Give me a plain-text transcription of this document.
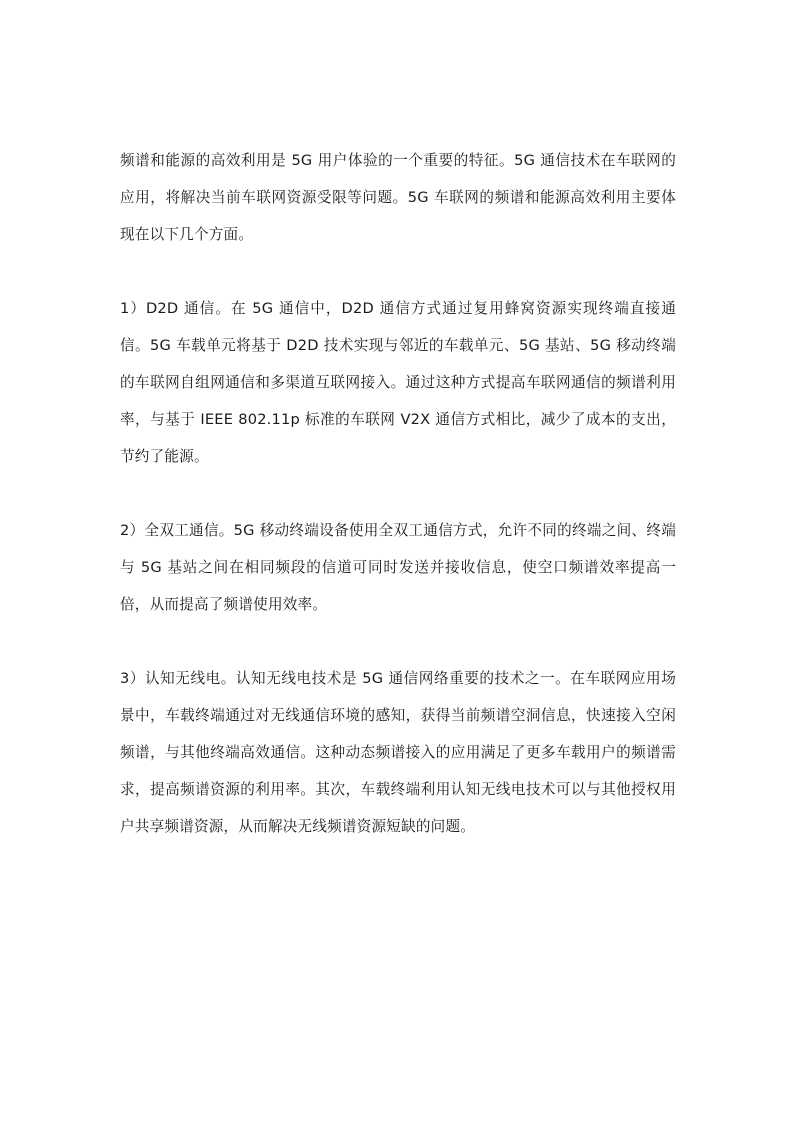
频谱和能源的高效利用是 5G 用户体验的一个重要的特征。5G 通信技术在车联网的应用，将解决当前车联网资源受限等问题。5G 车联网的频谱和能源高效利用主要体现在以下几个方面。

1）D2D 通信。在 5G 通信中，D2D 通信方式通过复用蜂窝资源实现终端直接通信。5G 车载单元将基于 D2D 技术实现与邻近的车载单元、5G 基站、5G 移动终端的车联网自组网通信和多渠道互联网接入。通过这种方式提高车联网通信的频谱利用率，与基于 IEEE 802.11p 标准的车联网 V2X 通信方式相比，减少了成本的支出，节约了能源。

2）全双工通信。5G 移动终端设备使用全双工通信方式，允许不同的终端之间、终端与 5G 基站之间在相同频段的信道可同时发送并接收信息，使空口频谱效率提高一倍，从而提高了频谱使用效率。

3）认知无线电。认知无线电技术是 5G 通信网络重要的技术之一。在车联网应用场景中，车载终端通过对无线通信环境的感知，获得当前频谱空洞信息，快速接入空闲频谱，与其他终端高效通信。这种动态频谱接入的应用满足了更多车载用户的频谱需求，提高频谱资源的利用率。其次，车载终端利用认知无线电技术可以与其他授权用户共享频谱资源，从而解决无线频谱资源短缺的问题。
